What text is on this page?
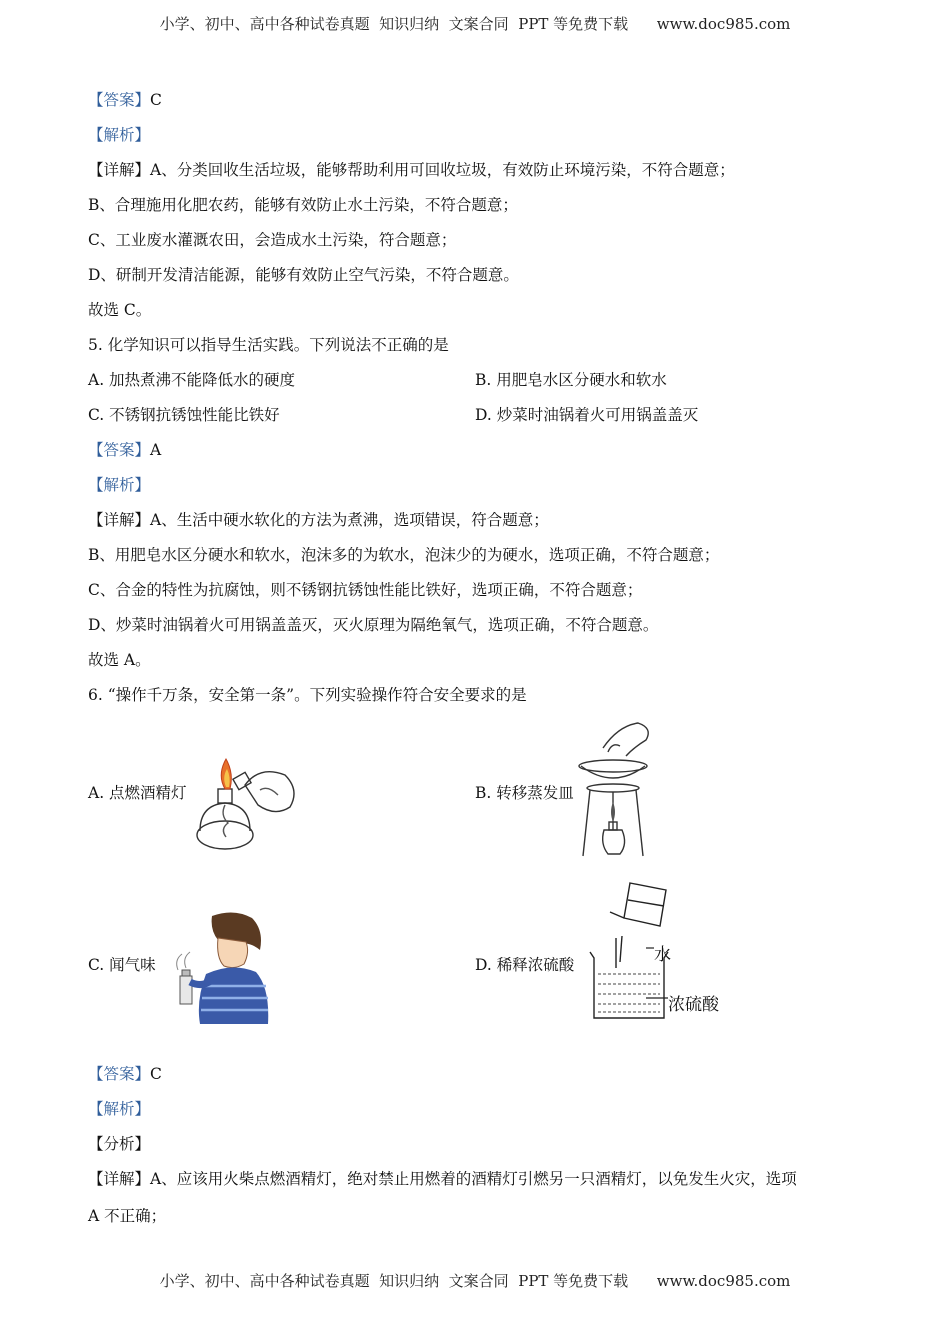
小学、初中、高中各种试卷真题  知识归纳  文案合同  PPT 等免费下载 www.doc985.com
【答案】C
【解析】
【详解】A、分类回收生活垃圾，能够帮助利用可回收垃圾，有效防止环境污染，不符合题意；
B、合理施用化肥农药，能够有效防止水土污染，不符合题意；
C、工业废水灌溉农田，会造成水土污染，符合题意；
D、研制开发清洁能源，能够有效防止空气污染，不符合题意。
故选 C。
5. 化学知识可以指导生活实践。下列说法不正确的是
A. 加热煮沸不能降低水的硬度	B. 用肥皂水区分硬水和软水
C. 不锈钢抗锈蚀性能比铁好	D. 炒菜时油锅着火可用锅盖盖灭
【答案】A
【解析】
【详解】A、生活中硬水软化的方法为煮沸，选项错误，符合题意；
B、用肥皂水区分硬水和软水，泡沫多的为软水，泡沫少的为硬水，选项正确，不符合题意；
C、合金的特性为抗腐蚀，则不锈钢抗锈蚀性能比铁好，选项正确，不符合题意；
D、炒菜时油锅着火可用锅盖盖灭，灭火原理为隔绝氧气，选项正确，不符合题意。
故选 A。
6. “操作千万条，安全第一条”。下列实验操作符合安全要求的是
A. 点燃酒精灯	B. 转移蒸发皿
C. 闻气味	D. 稀释浓硫酸	水
浓硫酸
【答案】C
【解析】
【分析】
【详解】A、应该用火柴点燃酒精灯，绝对禁止用燃着的酒精灯引燃另一只酒精灯，以免发生火灾，选项
A 不正确；
小学、初中、高中各种试卷真题  知识归纳  文案合同  PPT 等免费下载 www.doc985.com
